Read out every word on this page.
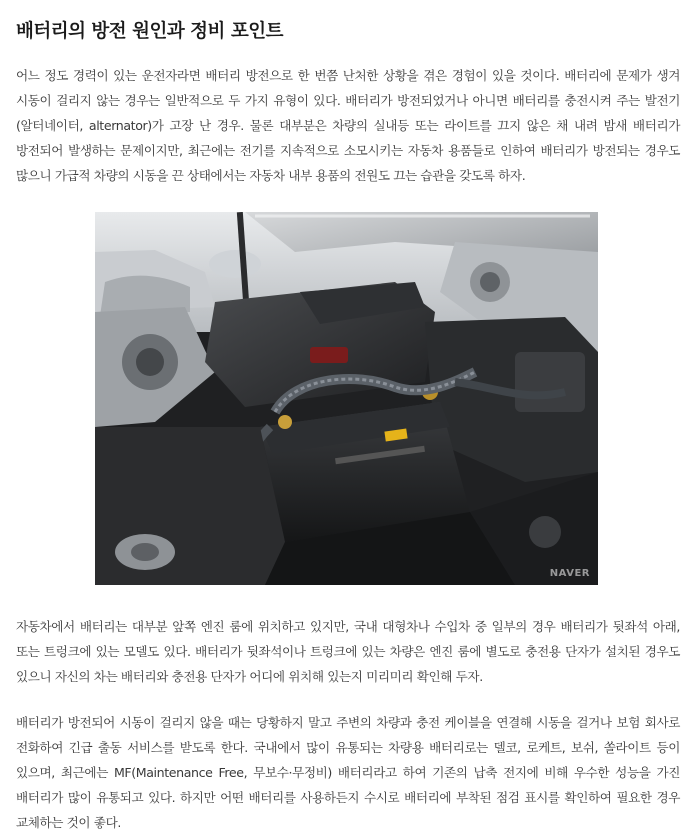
배터리의 방전 원인과 정비 포인트

어느 정도 경력이 있는 운전자라면 배터리 방전으로 한 번쯤 난처한 상황을 겪은 경험이 있을 것이다. 배터리에 문제가 생겨 시동이 걸리지 않는 경우는 일반적으로 두 가지 유형이 있다. 배터리가 방전되었거나 아니면 배터리를 충전시켜 주는 발전기(알터네이터, alternator)가 고장 난 경우. 물론 대부분은 차량의 실내등 또는 라이트를 끄지 않은 채 내려 밤새 배터리가 방전되어 발생하는 문제이지만, 최근에는 전기를 지속적으로 소모시키는 자동차 용품들로 인하여 배터리가 방전되는 경우도 많으니 가급적 차량의 시동을 끈 상태에서는 자동차 내부 용품의 전원도 끄는 습관을 갖도록 하자.

NAVER

자동차에서 배터리는 대부분 앞쪽 엔진 룸에 위치하고 있지만, 국내 대형차나 수입차 중 일부의 경우 배터리가 뒷좌석 아래, 또는 트렁크에 있는 모델도 있다. 배터리가 뒷좌석이나 트렁크에 있는 차량은 엔진 룸에 별도로 충전용 단자가 설치된 경우도 있으니 자신의 차는 배터리와 충전용 단자가 어디에 위치해 있는지 미리미리 확인해 두자.

배터리가 방전되어 시동이 걸리지 않을 때는 당황하지 말고 주변의 차량과 충전 케이블을 연결해 시동을 걸거나 보험 회사로 전화하여 긴급 출동 서비스를 받도록 한다. 국내에서 많이 유통되는 차량용 배터리로는 델코, 로케트, 보쉬, 쏠라이트 등이 있으며, 최근에는 MF(Maintenance Free, 무보수·무정비) 배터리라고 하여 기존의 납축 전지에 비해 우수한 성능을 가진 배터리가 많이 유통되고 있다. 하지만 어떤 배터리를 사용하든지 수시로 배터리에 부착된 점검 표시를 확인하여 필요한 경우 교체하는 것이 좋다.
